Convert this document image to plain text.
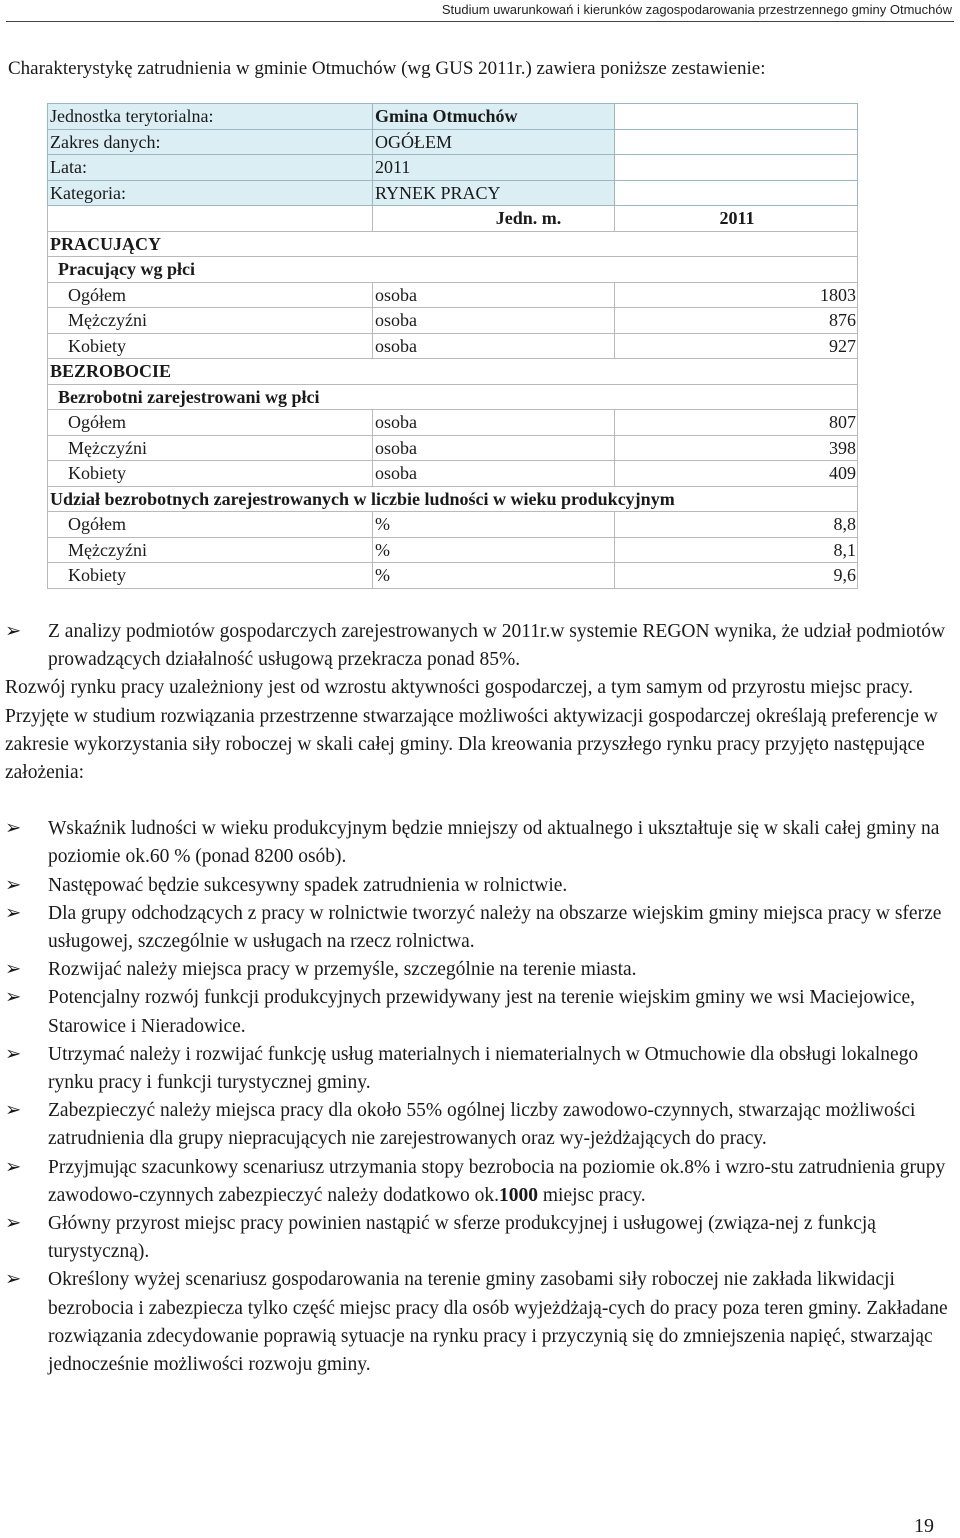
Studium uwarunkowań i kierunków zagospodarowania przestrzennego gminy Otmuchów
Charakterystykę zatrudnienia w gminie Otmuchów (wg GUS 2011r.) zawiera poniższe zestawienie:
Jednostka terytorialna:	Gmina Otmuchów	
Zakres danych:	OGÓŁEM	
Lata:	2011	
Kategoria:	RYNEK PRACY	
	Jedn. m.	2011
PRACUJĄCY		
Pracujący wg płci		
Ogółem	osoba	1803
Mężczyźni	osoba	876
Kobiety	osoba	927
BEZROBOCIE		
Bezrobotni zarejestrowani wg płci		
Ogółem	osoba	807
Mężczyźni	osoba	398
Kobiety	osoba	409
Udział bezrobotnych zarejestrowanych w liczbie ludności w wieku produkcyjnym		
Ogółem	%	8,8
Mężczyźni	%	8,1
Kobiety	%	9,6

➢ Z analizy podmiotów gospodarczych zarejestrowanych w 2011r.w systemie REGON wynika, że udział podmiotów prowadzących działalność usługową przekracza ponad 85%.

Rozwój rynku pracy uzależniony jest od wzrostu aktywności gospodarczej, a tym samym od przyrostu miejsc pracy. Przyjęte w studium rozwiązania przestrzenne stwarzające możliwości aktywizacji gospodarczej określają preferencje w zakresie wykorzystania siły roboczej w skali całej gminy. Dla kreowania przyszłego rynku pracy przyjęto następujące założenia:

➢ Wskaźnik ludności w wieku produkcyjnym będzie mniejszy od aktualnego i ukształtuje się w skali całej gminy na poziomie ok.60 % (ponad 8200 osób).

➢ Następować będzie sukcesywny spadek zatrudnienia w rolnictwie.

➢ Dla grupy odchodzących z pracy w rolnictwie tworzyć należy na obszarze wiejskim gminy miejsca pracy w sferze usługowej, szczególnie w usługach na rzecz rolnictwa.

➢ Rozwijać należy miejsca pracy w przemyśle, szczególnie na terenie miasta.

➢ Potencjalny rozwój funkcji produkcyjnych przewidywany jest na terenie wiejskim gminy we wsi Maciejowice, Starowice i Nieradowice.

➢ Utrzymać należy i rozwijać funkcję usług materialnych i niematerialnych w Otmuchowie dla obsługi lokalnego rynku pracy i funkcji turystycznej gminy.

➢ Zabezpieczyć należy miejsca pracy dla około 55% ogólnej liczby zawodowo-czynnych, stwarzając możliwości zatrudnienia dla grupy niepracujących nie zarejestrowanych oraz wy-jeżdżających do pracy.

➢ Przyjmując szacunkowy scenariusz utrzymania stopy bezrobocia na poziomie ok.8% i wzro-stu zatrudnienia grupy zawodowo-czynnych zabezpieczyć należy dodatkowo ok.1000 miejsc pracy.

➢ Główny przyrost miejsc pracy powinien nastąpić w sferze produkcyjnej i usługowej (związa-nej z funkcją turystyczną).

➢ Określony wyżej scenariusz gospodarowania na terenie gminy zasobami siły roboczej nie zakłada likwidacji bezrobocia i zabezpiecza tylko część miejsc pracy dla osób wyjeżdżają-cych do pracy poza teren gminy. Zakładane rozwiązania zdecydowanie poprawią sytuacje na rynku pracy i przyczynią się do zmniejszenia napięć, stwarzając jednocześnie możliwości rozwoju gminy.

19
